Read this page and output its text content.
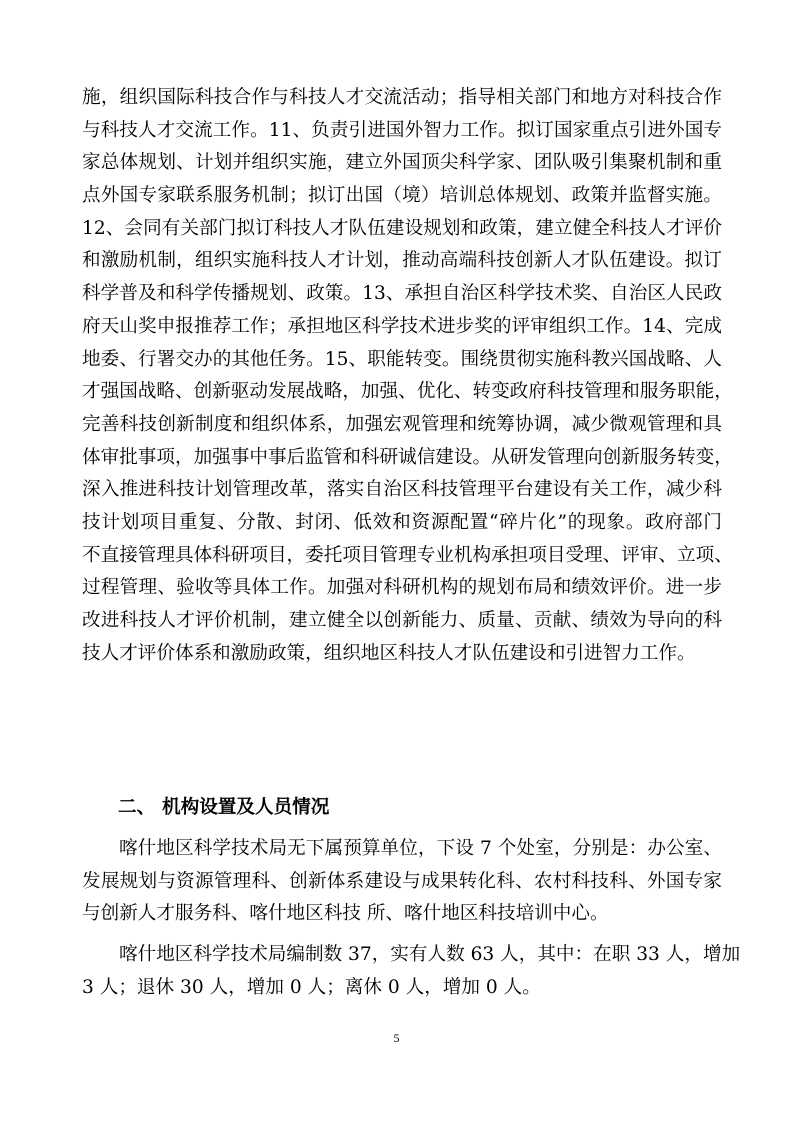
施，组织国际科技合作与科技人才交流活动；指导相关部门和地方对科技合作
与科技人才交流工作。11、负责引进国外智力工作。拟订国家重点引进外国专
家总体规划、计划并组织实施，建立外国顶尖科学家、团队吸引集聚机制和重
点外国专家联系服务机制；拟订出国（境）培训总体规划、政策并监督实施。
12、会同有关部门拟订科技人才队伍建设规划和政策，建立健全科技人才评价
和激励机制，组织实施科技人才计划，推动高端科技创新人才队伍建设。拟订
科学普及和科学传播规划、政策。13、承担自治区科学技术奖、自治区人民政
府天山奖申报推荐工作；承担地区科学技术进步奖的评审组织工作。14、完成
地委、行署交办的其他任务。15、职能转变。围绕贯彻实施科教兴国战略、人
才强国战略、创新驱动发展战略，加强、优化、转变政府科技管理和服务职能，
完善科技创新制度和组织体系，加强宏观管理和统筹协调，减少微观管理和具
体审批事项，加强事中事后监管和科研诚信建设。从研发管理向创新服务转变，
深入推进科技计划管理改革，落实自治区科技管理平台建设有关工作，减少科
技计划项目重复、分散、封闭、低效和资源配置“碎片化”的现象。政府部门
不直接管理具体科研项目，委托项目管理专业机构承担项目受理、评审、立项、
过程管理、验收等具体工作。加强对科研机构的规划布局和绩效评价。进一步
改进科技人才评价机制，建立健全以创新能力、质量、贡献、绩效为导向的科
技人才评价体系和激励政策，组织地区科技人才队伍建设和引进智力工作。
二、 机构设置及人员情况
喀什地区科学技术局无下属预算单位，下设 7 个处室，分别是：办公室、
发展规划与资源管理科、创新体系建设与成果转化科、农村科技科、外国专家
与创新人才服务科、喀什地区科技 所、喀什地区科技培训中心。
喀什地区科学技术局编制数 37，实有人数 63 人，其中：在职 33 人，增加
3 人；退休 30 人，增加 0 人；离休 0 人，增加 0 人。
5
